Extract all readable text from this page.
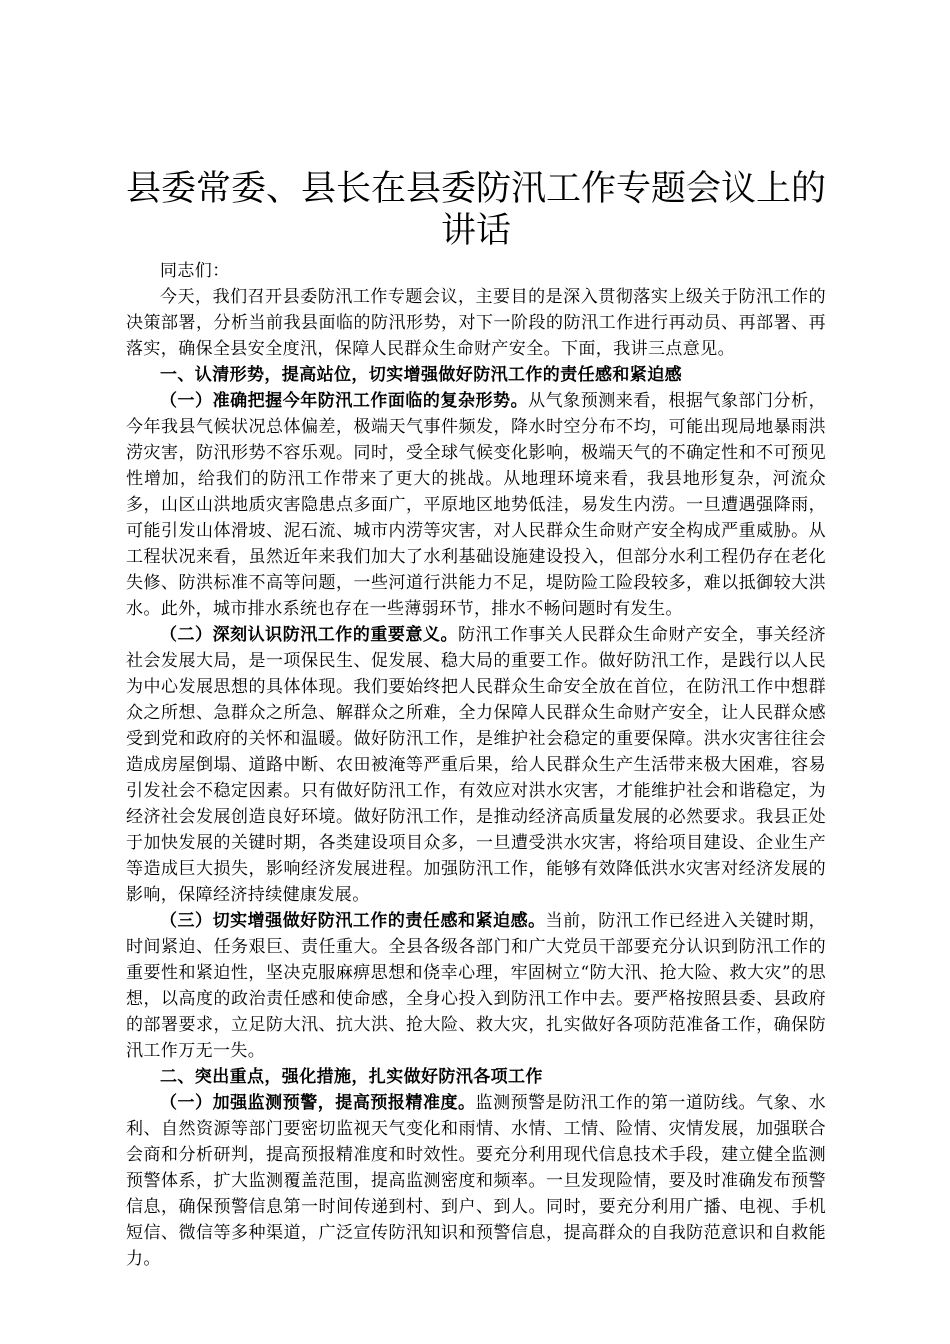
县委常委、县长在县委防汛工作专题会议上的
讲话

同志们：

今天，我们召开县委防汛工作专题会议，主要目的是深入贯彻落实上级关于防汛工作的决策部署，分析当前我县面临的防汛形势，对下一阶段的防汛工作进行再动员、再部署、再落实，确保全县安全度汛，保障人民群众生命财产安全。下面，我讲三点意见。

一、认清形势，提高站位，切实增强做好防汛工作的责任感和紧迫感

（一）准确把握今年防汛工作面临的复杂形势。从气象预测来看，根据气象部门分析，今年我县气候状况总体偏差，极端天气事件频发，降水时空分布不均，可能出现局地暴雨洪涝灾害，防汛形势不容乐观。同时，受全球气候变化影响，极端天气的不确定性和不可预见性增加，给我们的防汛工作带来了更大的挑战。从地理环境来看，我县地形复杂，河流众多，山区山洪地质灾害隐患点多面广，平原地区地势低洼，易发生内涝。一旦遭遇强降雨，可能引发山体滑坡、泥石流、城市内涝等灾害，对人民群众生命财产安全构成严重威胁。从工程状况来看，虽然近年来我们加大了水利基础设施建设投入，但部分水利工程仍存在老化失修、防洪标准不高等问题，一些河道行洪能力不足，堤防险工险段较多，难以抵御较大洪水。此外，城市排水系统也存在一些薄弱环节，排水不畅问题时有发生。

（二）深刻认识防汛工作的重要意义。防汛工作事关人民群众生命财产安全，事关经济社会发展大局，是一项保民生、促发展、稳大局的重要工作。做好防汛工作，是践行以人民为中心发展思想的具体体现。我们要始终把人民群众生命安全放在首位，在防汛工作中想群众之所想、急群众之所急、解群众之所难，全力保障人民群众生命财产安全，让人民群众感受到党和政府的关怀和温暖。做好防汛工作，是维护社会稳定的重要保障。洪水灾害往往会造成房屋倒塌、道路中断、农田被淹等严重后果，给人民群众生产生活带来极大困难，容易引发社会不稳定因素。只有做好防汛工作，有效应对洪水灾害，才能维护社会和谐稳定，为经济社会发展创造良好环境。做好防汛工作，是推动经济高质量发展的必然要求。我县正处于加快发展的关键时期，各类建设项目众多，一旦遭受洪水灾害，将给项目建设、企业生产等造成巨大损失，影响经济发展进程。加强防汛工作，能够有效降低洪水灾害对经济发展的影响，保障经济持续健康发展。

（三）切实增强做好防汛工作的责任感和紧迫感。当前，防汛工作已经进入关键时期，时间紧迫、任务艰巨、责任重大。全县各级各部门和广大党员干部要充分认识到防汛工作的重要性和紧迫性，坚决克服麻痹思想和侥幸心理，牢固树立“防大汛、抢大险、救大灾”的思想，以高度的政治责任感和使命感，全身心投入到防汛工作中去。要严格按照县委、县政府的部署要求，立足防大汛、抗大洪、抢大险、救大灾，扎实做好各项防范准备工作，确保防汛工作万无一失。

二、突出重点，强化措施，扎实做好防汛各项工作

（一）加强监测预警，提高预报精准度。监测预警是防汛工作的第一道防线。气象、水利、自然资源等部门要密切监视天气变化和雨情、水情、工情、险情、灾情发展，加强联合会商和分析研判，提高预报精准度和时效性。要充分利用现代信息技术手段，建立健全监测预警体系，扩大监测覆盖范围，提高监测密度和频率。一旦发现险情，要及时准确发布预警信息，确保预警信息第一时间传递到村、到户、到人。同时，要充分利用广播、电视、手机短信、微信等多种渠道，广泛宣传防汛知识和预警信息，提高群众的自我防范意识和自救能力。
